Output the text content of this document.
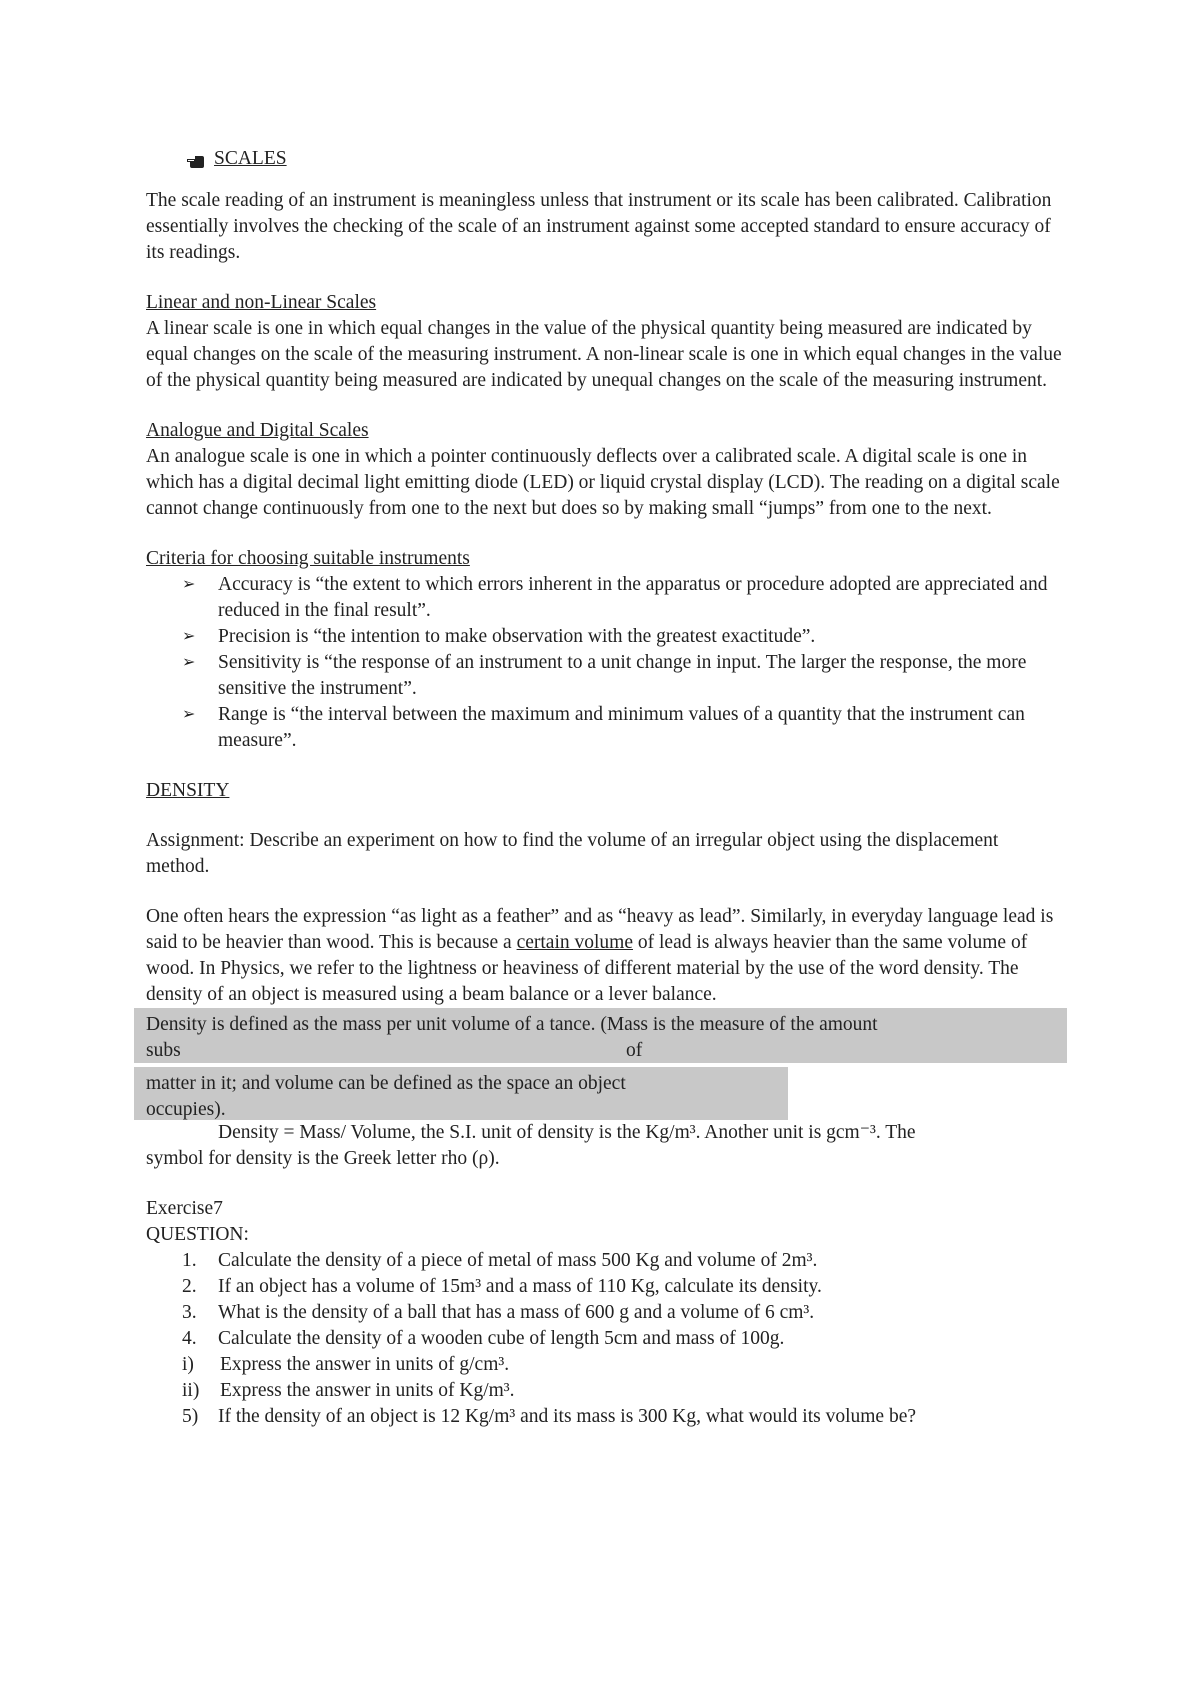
SCALES

The scale reading of an instrument is meaningless unless that instrument or its scale has been calibrated. Calibration essentially involves the checking of the scale of an instrument against some accepted standard to ensure accuracy of its readings.

Linear and non-Linear Scales

A linear scale is one in which equal changes in the value of the physical quantity being measured are indicated by equal changes on the scale of the measuring instrument. A non-linear scale is one in which equal changes in the value of the physical quantity being measured are indicated by unequal changes on the scale of the measuring instrument.

Analogue and Digital Scales

An analogue scale is one in which a pointer continuously deflects over a calibrated scale. A digital scale is one in which has a digital decimal light emitting diode (LED) or liquid crystal display (LCD). The reading on a digital scale cannot change continuously from one to the next but does so by making small “jumps” from one to the next.

Criteria for choosing suitable instruments

➢	Accuracy is “the extent to which errors inherent in the apparatus or procedure adopted are appreciated and reduced in the final result”.
➢	Precision is “the intention to make observation with the greatest exactitude”.
➢	Sensitivity is “the response of an instrument to a unit change in input. The larger the response, the more sensitive the instrument”.
➢	Range is “the interval between the maximum and minimum values of a quantity that the instrument can measure”.

DENSITY

Assignment: Describe an experiment on how to find the volume of an irregular object using the displacement method.

One often hears the expression “as light as a feather” and as “heavy as lead”. Similarly, in everyday language lead is said to be heavier than wood. This is because a certain volume of lead is always heavier than the same volume of wood. In Physics, we refer to the lightness or heaviness of different material by the use of the word density. The density of an object is measured using a beam balance or a lever balance.

Density is defined as the mass per unit volume of a tance. (Mass is the measure of the amount
subs	of
matter in it; and volume can be defined as the space an object
occupies).

Density = Mass/ Volume, the S.I. unit of density is the Kg/m³. Another unit is gcm⁻³. The

symbol for density is the Greek letter rho (ρ).

Exercise7

QUESTION:

1.	Calculate the density of a piece of metal of mass 500 Kg and volume of 2m³.
2.	If an object has a volume of 15m³ and a mass of 110 Kg, calculate its density.
3.	What is the density of a ball that has a mass of 600 g and a volume of 6 cm³.
4.	Calculate the density of a wooden cube of length 5cm and mass of 100g.
i)	Express the answer in units of g/cm³.
ii)	Express the answer in units of Kg/m³.
5)	If the density of an object is 12 Kg/m³ and its mass is 300 Kg, what would its volume be?
